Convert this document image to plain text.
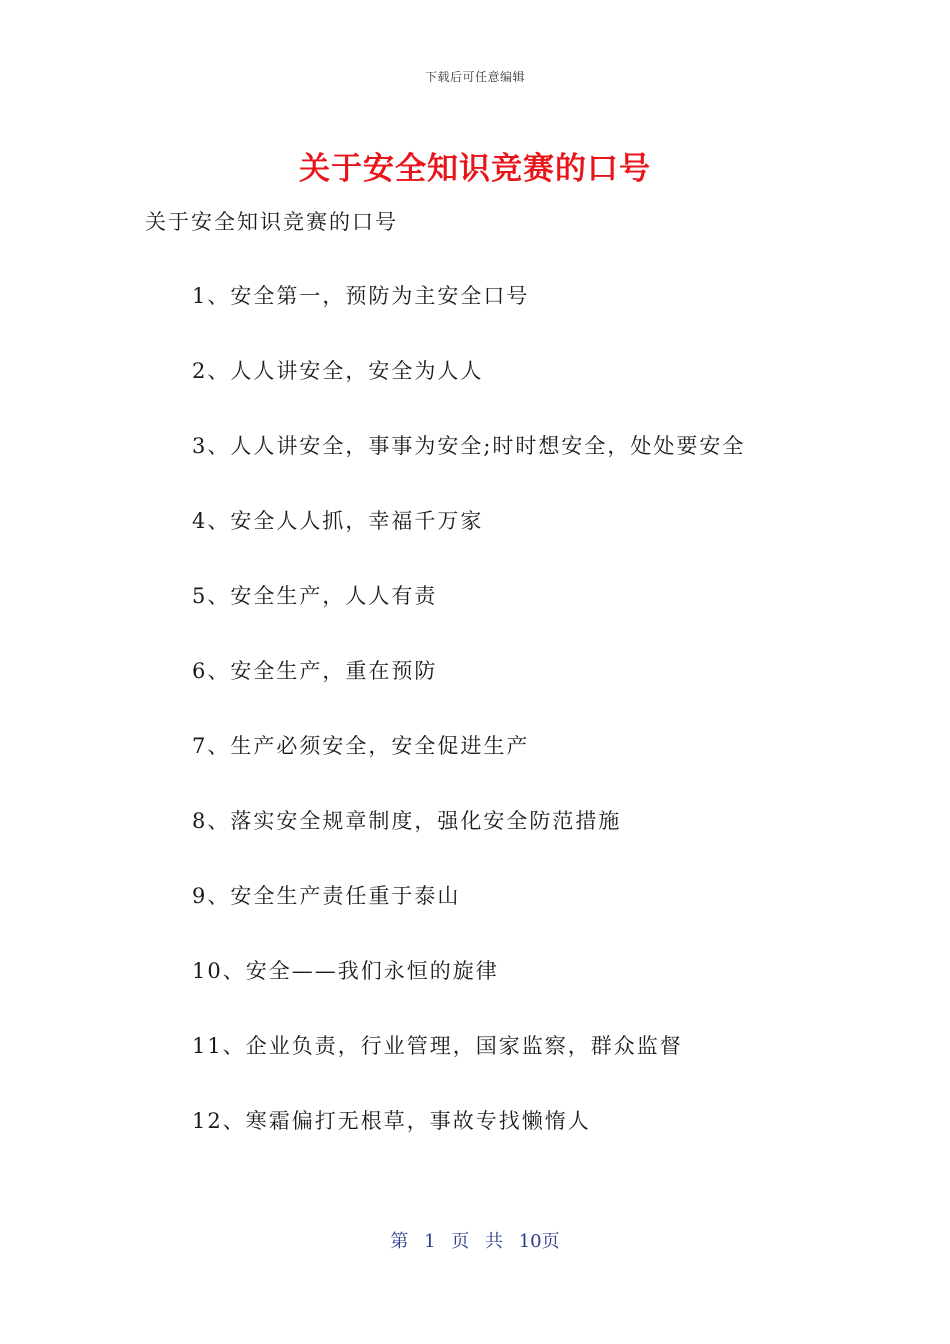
下载后可任意编辑
关于安全知识竞赛的口号
关于安全知识竞赛的口号
1、安全第一，预防为主安全口号
2、人人讲安全，安全为人人
3、人人讲安全，事事为安全;时时想安全，处处要安全
4、安全人人抓，幸福千万家
5、安全生产，人人有责
6、安全生产，重在预防
7、生产必须安全，安全促进生产
8、落实安全规章制度，强化安全防范措施
9、安全生产责任重于泰山
10、安全——我们永恒的旋律
11、企业负责，行业管理，国家监察，群众监督
12、寒霜偏打无根草，事故专找懒惰人
第 1 页 共 10页
